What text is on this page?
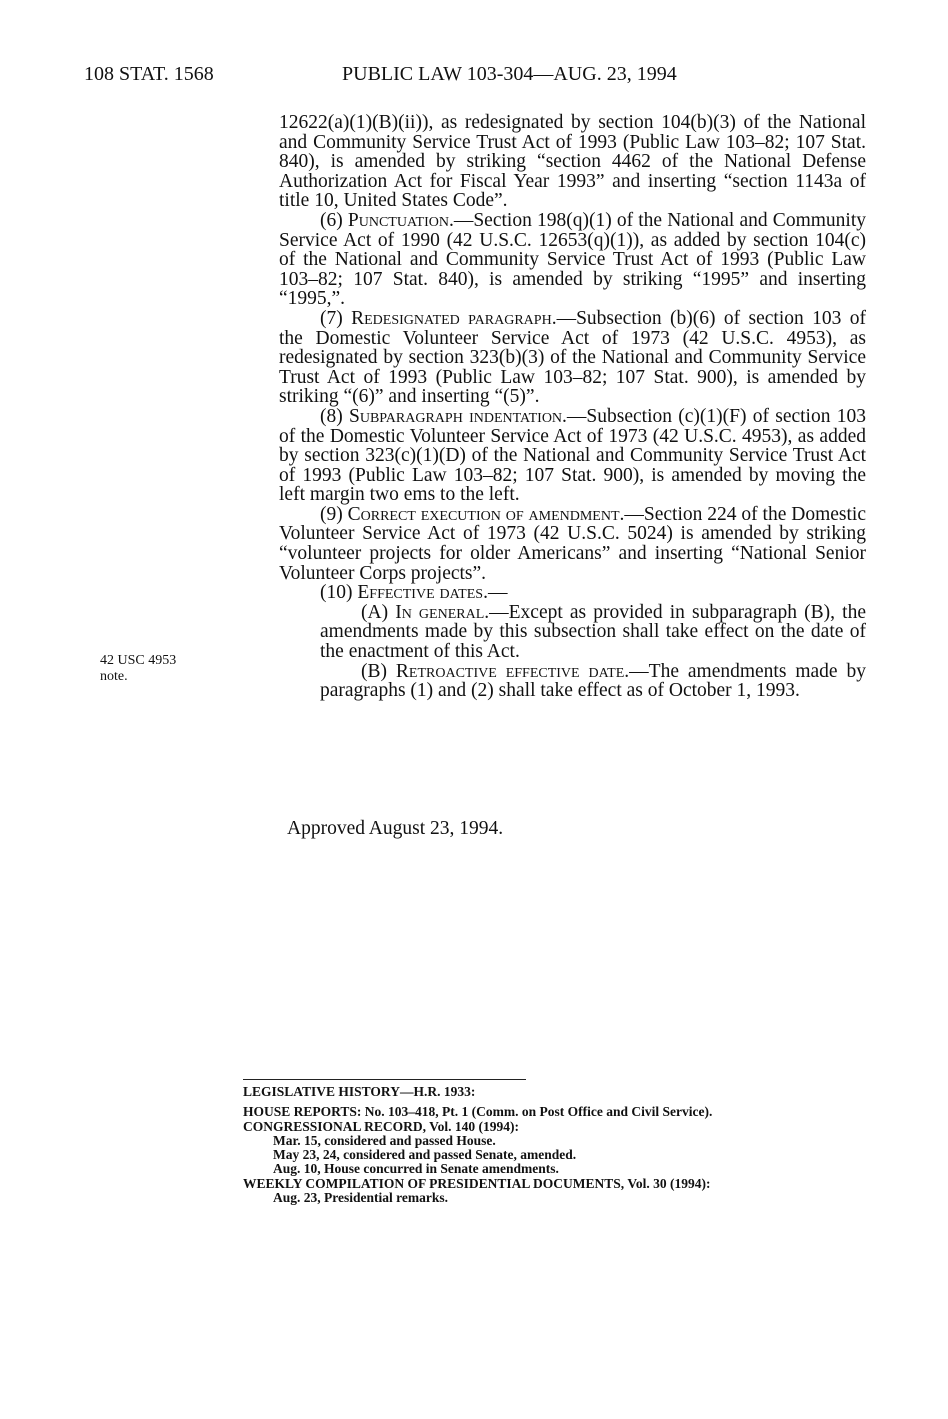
108 STAT. 1568	PUBLIC LAW 103-304—AUG. 23, 1994

12622(a)(1)(B)(ii)), as redesignated by section 104(b)(3) of the National and Community Service Trust Act of 1993 (Public Law 103–82; 107 Stat. 840), is amended by striking “section 4462 of the National Defense Authorization Act for Fiscal Year 1993” and inserting “section 1143a of title 10, United States Code”.

(6) Punctuation.—Section 198(q)(1) of the National and Community Service Act of 1990 (42 U.S.C. 12653(q)(1)), as added by section 104(c) of the National and Community Service Trust Act of 1993 (Public Law 103–82; 107 Stat. 840), is amended by striking “1995” and inserting “1995,”.

(7) Redesignated paragraph.—Subsection (b)(6) of section 103 of the Domestic Volunteer Service Act of 1973 (42 U.S.C. 4953), as redesignated by section 323(b)(3) of the National and Community Service Trust Act of 1993 (Public Law 103–82; 107 Stat. 900), is amended by striking “(6)” and inserting “(5)”.

(8) Subparagraph indentation.—Subsection (c)(1)(F) of section 103 of the Domestic Volunteer Service Act of 1973 (42 U.S.C. 4953), as added by section 323(c)(1)(D) of the National and Community Service Trust Act of 1993 (Public Law 103–82; 107 Stat. 900), is amended by moving the left margin two ems to the left.

(9) Correct execution of amendment.—Section 224 of the Domestic Volunteer Service Act of 1973 (42 U.S.C. 5024) is amended by striking “volunteer projects for older Americans” and inserting “National Senior Volunteer Corps projects”.

(10) Effective dates.—

(A) In general.—Except as provided in subparagraph (B), the amendments made by this subsection shall take effect on the date of the enactment of this Act.

(B) Retroactive effective date.—The amendments made by paragraphs (1) and (2) shall take effect as of October 1, 1993.

42 USC 4953
note.
Approved August 23, 1994.

LEGISLATIVE HISTORY—H.R. 1933:

HOUSE REPORTS: No. 103–418, Pt. 1 (Comm. on Post Office and Civil Service).

CONGRESSIONAL RECORD, Vol. 140 (1994):

Mar. 15, considered and passed House.

May 23, 24, considered and passed Senate, amended.

Aug. 10, House concurred in Senate amendments.

WEEKLY COMPILATION OF PRESIDENTIAL DOCUMENTS, Vol. 30 (1994):

Aug. 23, Presidential remarks.
